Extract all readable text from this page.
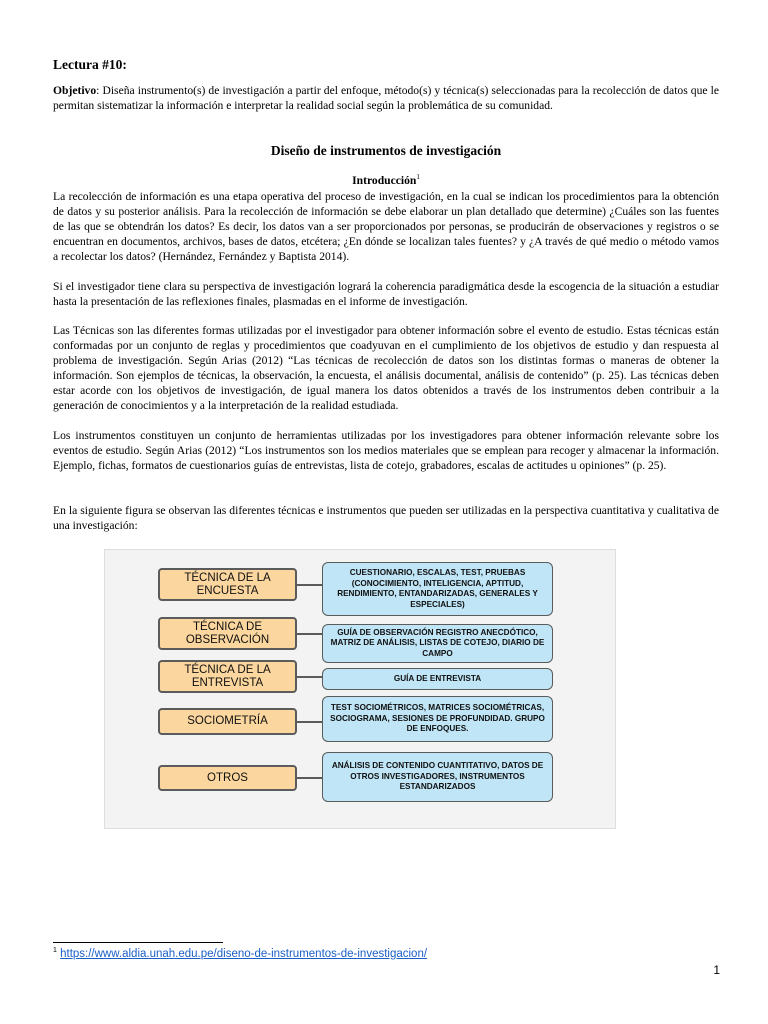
Lectura #10:

Objetivo: Diseña instrumento(s) de investigación a partir del enfoque, método(s) y técnica(s) seleccionadas para la recolección de datos que le permitan sistematizar la información e interpretar la realidad social según la problemática de su comunidad.

Diseño de instrumentos de investigación
Introducción$^1$

La recolección de información es una etapa operativa del proceso de investigación, en la cual se indican los procedimientos para la obtención de datos y su posterior análisis. Para la recolección de información se debe elaborar un plan detallado que determine) ¿Cuáles son las fuentes de las que se obtendrán los datos? Es decir, los datos van a ser proporcionados por personas, se producirán de observaciones y registros o se encuentran en documentos, archivos, bases de datos, etcétera; ¿En dónde se localizan tales fuentes? y ¿A través de qué medio o método vamos a recolectar los datos? (Hernández, Fernández y Baptista 2014).

Si el investigador tiene clara su perspectiva de investigación logrará la coherencia paradigmática desde la escogencia de la situación a estudiar hasta la presentación de las reflexiones finales, plasmadas en el informe de investigación.

Las Técnicas son las diferentes formas utilizadas por el investigador para obtener información sobre el evento de estudio. Estas técnicas están conformadas por un conjunto de reglas y procedimientos que coadyuvan en el cumplimiento de los objetivos de estudio y dan respuesta al problema de investigación. Según Arias (2012) “Las técnicas de recolección de datos son los distintas formas o maneras de obtener la información. Son ejemplos de técnicas, la observación, la encuesta, el análisis documental, análisis de contenido” (p. 25). Las técnicas deben estar acorde con los objetivos de investigación, de igual manera los datos obtenidos a través de los instrumentos deben contribuir a la generación de conocimientos y a la interpretación de la realidad estudiada.

Los instrumentos constituyen un conjunto de herramientas utilizadas por los investigadores para obtener información relevante sobre los eventos de estudio. Según Arias (2012) “Los instrumentos son los medios materiales que se emplean para recoger y almacenar la información. Ejemplo, fichas, formatos de cuestionarios guías de entrevistas, lista de cotejo, grabadores, escalas de actitudes u opiniones” (p. 25).

En la siguiente figura se observan las diferentes técnicas e instrumentos que pueden ser utilizadas en la perspectiva cuantitativa y cualitativa de una investigación:

TÉCNICA DE LA ENCUESTA
CUESTIONARIO, ESCALAS, TEST, PRUEBAS (CONOCIMIENTO, INTELIGENCIA, APTITUD, RENDIMIENTO, ENTANDARIZADAS, GENERALES Y ESPECIALES)
TÉCNICA DE OBSERVACIÓN
GUÍA DE OBSERVACIÓN REGISTRO ANECDÓTICO, MATRIZ DE ANÁLISIS, LISTAS DE COTEJO, DIARIO DE CAMPO
TÉCNICA DE LA ENTREVISTA	GUÍA DE ENTREVISTA
SOCIOMETRÍA
TEST SOCIOMÉTRICOS, MATRICES SOCIOMÉTRICAS, SOCIOGRAMA, SESIONES DE PROFUNDIDAD. GRUPO DE ENFOQUES.
OTROS
ANÁLISIS DE CONTENIDO CUANTITATIVO, DATOS DE OTROS INVESTIGADORES, INSTRUMENTOS ESTANDARIZADOS
$^1$ https://www.aldia.unah.edu.pe/diseno-de-instrumentos-de-investigacion/
1
